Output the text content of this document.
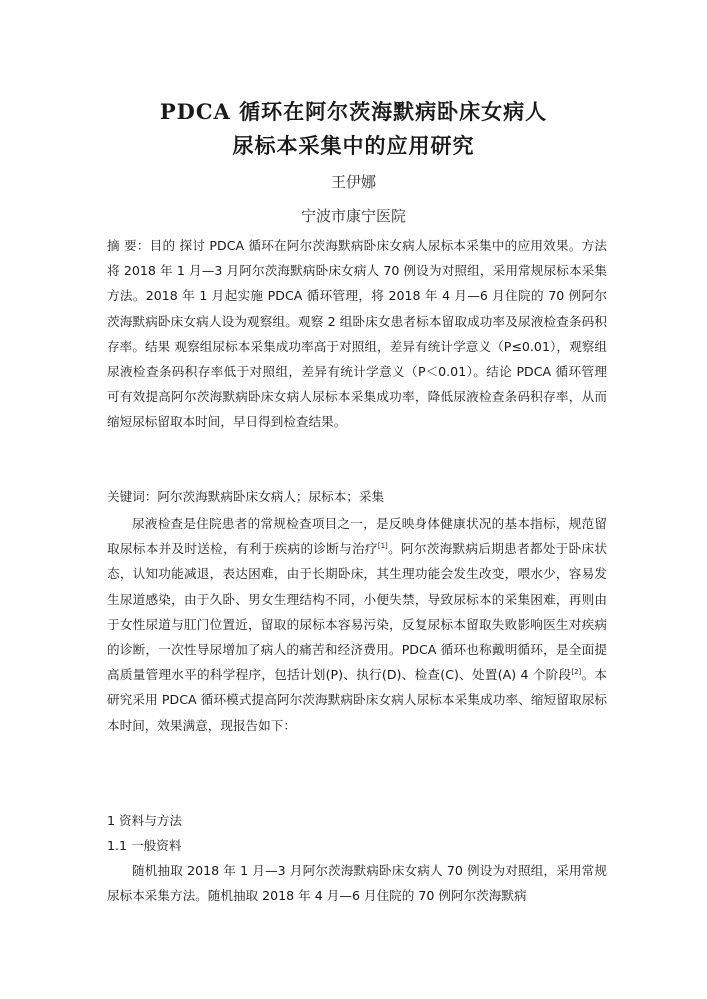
PDCA 循环在阿尔茨海默病卧床女病人
尿标本采集中的应用研究
王伊娜
宁波市康宁医院
摘 要：目的 探讨 PDCA 循环在阿尔茨海默病卧床女病人尿标本采集中的应用效果。方法 将 2018 年 1 月—3 月阿尔茨海默病卧床女病人 70 例设为对照组，采用常规尿标本采集方法。2018 年 1 月起实施 PDCA 循环管理，将 2018 年 4 月—6 月住院的 70 例阿尔茨海默病卧床女病人设为观察组。观察 2 组卧床女患者标本留取成功率及尿液检查条码积存率。结果 观察组尿标本采集成功率高于对照组，差异有统计学意义（P≤0.01），观察组尿液检查条码积存率低于对照组，差异有统计学意义（P＜0.01）。结论 PDCA 循环管理可有效提高阿尔茨海默病卧床女病人尿标本采集成功率，降低尿液检查条码积存率，从而缩短尿标留取本时间，早日得到检查结果。
关键词：阿尔茨海默病卧床女病人；尿标本；采集
尿液检查是住院患者的常规检查项目之一，是反映身体健康状况的基本指标，规范留取尿标本并及时送检，有利于疾病的诊断与治疗[1]。阿尔茨海默病后期患者都处于卧床状态，认知功能减退，表达困难，由于长期卧床，其生理功能会发生改变，喂水少，容易发生尿道感染，由于久卧、男女生理结构不同，小便失禁，导致尿标本的采集困难，再则由于女性尿道与肛门位置近，留取的尿标本容易污染，反复尿标本留取失败影响医生对疾病的诊断，一次性导尿增加了病人的痛苦和经济费用。PDCA 循环也称戴明循环，是全面提高质量管理水平的科学程序，包括计划(P)、执行(D)、检查(C)、处置(A) 4 个阶段[2]。本研究采用 PDCA 循环模式提高阿尔茨海默病卧床女病人尿标本采集成功率、缩短留取尿标本时间，效果满意，现报告如下：
1 资料与方法
1.1 一般资料
随机抽取 2018 年 1 月—3 月阿尔茨海默病卧床女病人 70 例设为对照组，采用常规尿标本采集方法。随机抽取 2018 年 4 月—6 月住院的 70 例阿尔茨海默病
